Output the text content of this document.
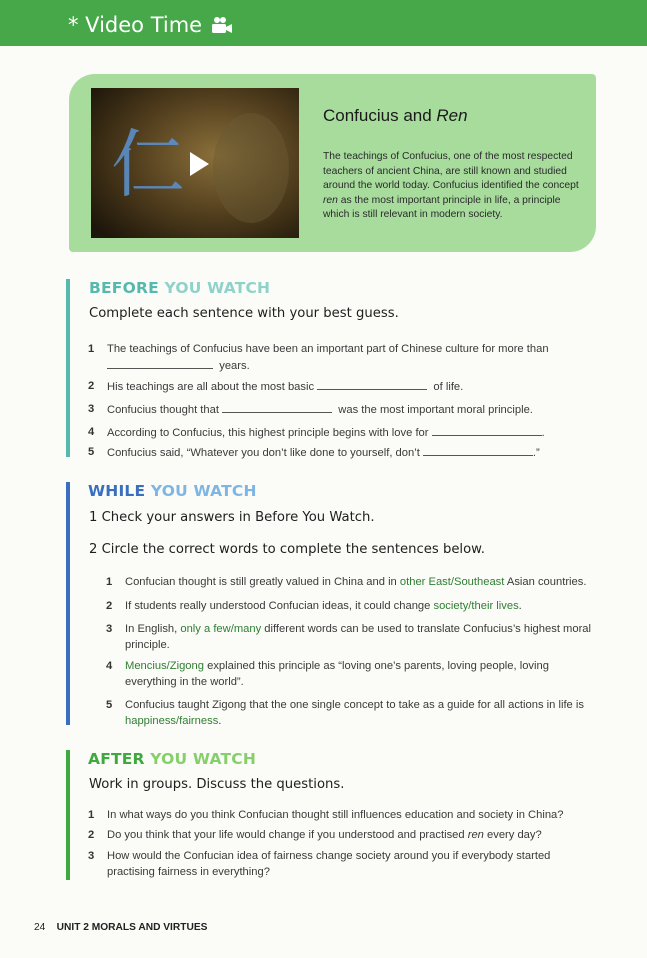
* Video Time
仁
Confucius and Ren
The teachings of Confucius, one of the most respected teachers of ancient China, are still known and studied around the world today. Confucius identified the concept ren as the most important principle in life, a principle which is still relevant in modern society.
BEFORE YOU WATCH
Complete each sentence with your best guess.
1 The teachings of Confucius have been an important part of Chinese culture for more than
years.
2 His teachings are all about the most basic	of life.
3 Confucius thought that	was the most important moral principle.
4 According to Confucius, this highest principle begins with love for	.
5 Confucius said, “Whatever you don’t like done to yourself, don’t	.”
WHILE YOU WATCH
1 Check your answers in Before You Watch.
2 Circle the correct words to complete the sentences below.
1 Confucian thought is still greatly valued in China and in other East/Southeast Asian countries.
2 If students really understood Confucian ideas, it could change society/their lives.
3 In English, only a few/many different words can be used to translate Confucius’s highest moral principle.
4 Mencius/Zigong explained this principle as “loving one’s parents, loving people, loving everything in the world”.
5 Confucius taught Zigong that the one single concept to take as a guide for all actions in life is happiness/fairness.
AFTER YOU WATCH
Work in groups. Discuss the questions.
1 In what ways do you think Confucian thought still influences education and society in China?
2 Do you think that your life would change if you understood and practised ren every day?
3 How would the Confucian idea of fairness change society around you if everybody started practising fairness in everything?
24 UNIT 2 MORALS AND VIRTUES
